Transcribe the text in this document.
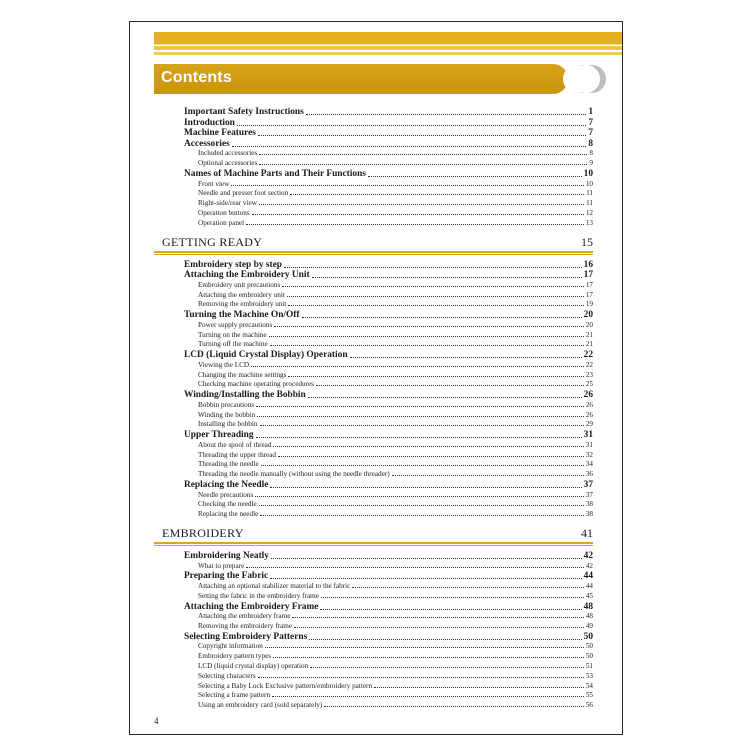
Contents
Important Safety Instructions	1
Introduction	7
Machine Features	7
Accessories	8
Included accessories	8
Optional accessories	9
Names of Machine Parts and Their Functions	10
Front view	10
Needle and presser foot section	11
Right-side/rear view	11
Operation buttons	12
Operation panel	13
GETTING READY	15
Embroidery step by step	16
Attaching the Embroidery Unit	17
Embroidery unit precautions	17
Attaching the embroidery unit	17
Removing the embroidery unit	19
Turning the Machine On/Off	20
Power supply precautions	20
Turning on the machine	21
Turning off the machine	21
LCD (Liquid Crystal Display) Operation	22
Viewing the LCD	22
Changing the machine settings	23
Checking machine operating procedures	25
Winding/Installing the Bobbin	26
Bobbin precautions	26
Winding the bobbin	26
Installing the bobbin	29
Upper Threading	31
About the spool of thread	31
Threading the upper thread	32
Threading the needle	34
Threading the needle manually (without using the needle threader)	36
Replacing the Needle	37
Needle precautions	37
Checking the needle	38
Replacing the needle	38
EMBROIDERY	41
Embroidering Neatly	42
What to prepare	42
Preparing the Fabric	44
Attaching an optional stabilizer material to the fabric	44
Setting the fabric in the embroidery frame	45
Attaching the Embroidery Frame	48
Attaching the embroidery frame	48
Removing the embroidery frame	49
Selecting Embroidery Patterns	50
Copyright information	50
Embroidery pattern types	50
LCD (liquid crystal display) operation	51
Selecting characters	53
Selecting a Baby Lock Exclusive pattern/embroidery pattern	54
Selecting a frame pattern	55
Using an embroidery card (sold separately)	56
4
